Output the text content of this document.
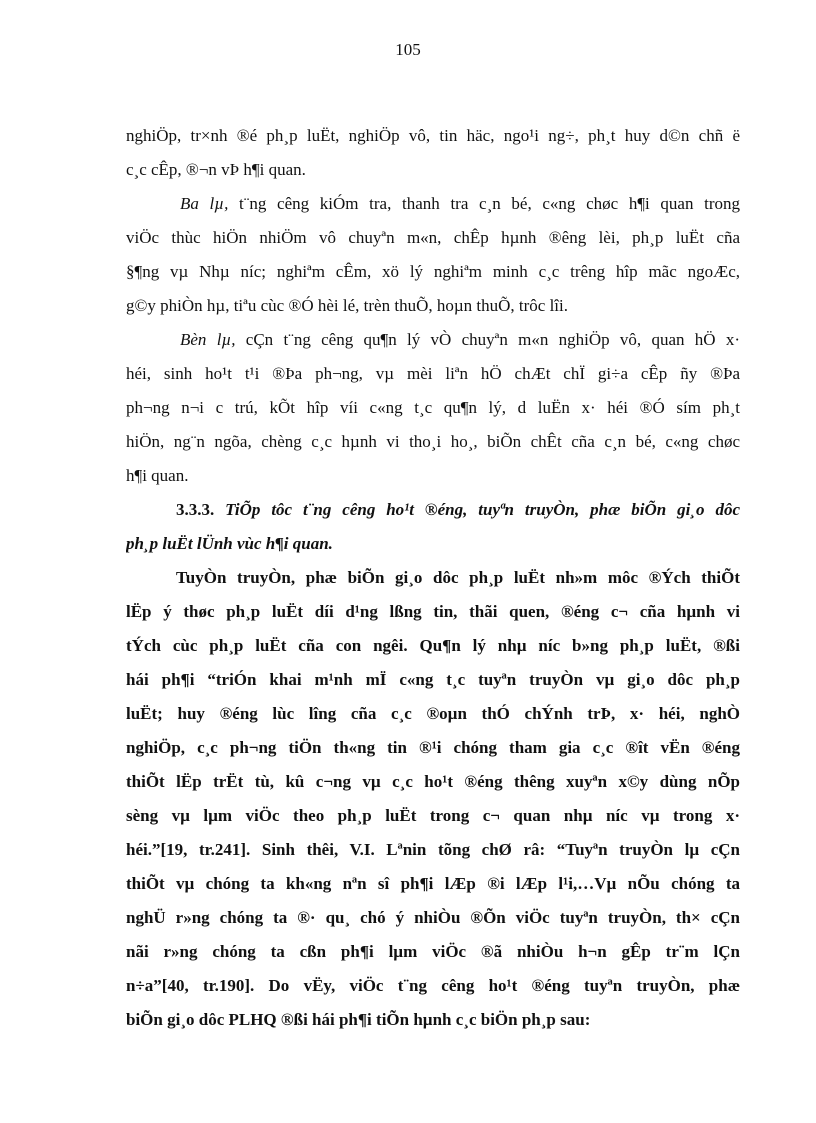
105
nghiÖp, tr×nh ®é ph¸p luËt, nghiÖp vô, tin häc, ngo¹i ng÷, ph¸t huy d©n chñ ë
c¸c cÊp, ®¬n vÞ h¶i quan.
Ba lµ, t¨ng cêng kiÓm tra, thanh tra c¸n bé, c«ng chøc h¶i quan trong
viÖc thùc hiÖn nhiÖm vô chuyªn m«n, chÊp hµnh ®êng lèi, ph¸p luËt cña
§¶ng vµ Nhµ níc; nghiªm cÊm, xö lý nghiªm minh c¸c trêng hîp mãc ngoÆc,
g©y phiÒn hµ, tiªu cùc ®Ó hèi lé, trèn thuÕ, hoµn thuÕ, trôc lîi.
Bèn lµ, cÇn t¨ng cêng qu¶n lý vÒ chuyªn m«n nghiÖp vô, quan hÖ x·
héi, sinh ho¹t t¹i ®Þa ph¬ng, vµ mèi liªn hÖ chÆt chÏ gi÷a cÊp ñy ®Þa
ph¬ng n¬i c trú, kÕt hîp víi c«ng t¸c qu¶n lý, d luËn x· héi ®Ó sím ph¸t
hiÖn, ng¨n ngõa, chèng c¸c hµnh vi tho¸i ho¸, biÕn chÊt cña c¸n bé, c«ng chøc
h¶i quan.
3.3.3. TiÕp tôc t¨ng cêng ho¹t ®éng, tuyªn truyÒn, phæ biÕn gi¸o dôc
ph¸p luËt lÜnh vùc h¶i quan.
TuyÒn truyÒn, phæ biÕn gi¸o dôc ph¸p luËt nh»m môc ®Ých thiÕt
lËp ý thøc ph¸p luËt díi d¹ng lßng tin, thãi quen, ®éng c¬ cña hµnh vi
tÝch cùc ph¸p luËt cña con ngêi. Qu¶n lý nhµ níc b»ng ph¸p luËt, ®ßi
hái ph¶i “triÓn khai m¹nh mÏ c«ng t¸c tuyªn truyÒn vµ gi¸o dôc ph¸p
luËt; huy ®éng lùc lîng cña c¸c ®oµn thÓ chÝnh trÞ, x· héi, nghÒ
nghiÖp, c¸c ph¬ng tiÖn th«ng tin ®¹i chóng tham gia c¸c ®ît vËn ®éng
thiÕt lËp trËt tù, kû c¬ng vµ c¸c ho¹t ®éng thêng xuyªn x©y dùng nÕp
sèng vµ lµm viÖc theo ph¸p luËt trong c¬ quan nhµ níc vµ trong x·
héi.”[19, tr.241]. Sinh thêi, V.I. Lªnin tõng chØ râ: “Tuyªn truyÒn lµ cÇn
thiÕt vµ chóng ta kh«ng nªn sî ph¶i lÆp ®i lÆp l¹i,…Vµ nÕu chóng ta
nghÜ r»ng chóng ta ®· qu¸ chó ý nhiÒu ®Õn viÖc tuyªn truyÒn, th× cÇn
nãi r»ng chóng ta cßn ph¶i lµm viÖc ®ã nhiÒu h¬n gÊp tr¨m lÇn
n÷a”[40, tr.190]. Do vËy, viÖc t¨ng cêng ho¹t ®éng tuyªn truyÒn, phæ
biÕn gi¸o dôc PLHQ ®ßi hái ph¶i tiÕn hµnh c¸c biÖn ph¸p sau:
